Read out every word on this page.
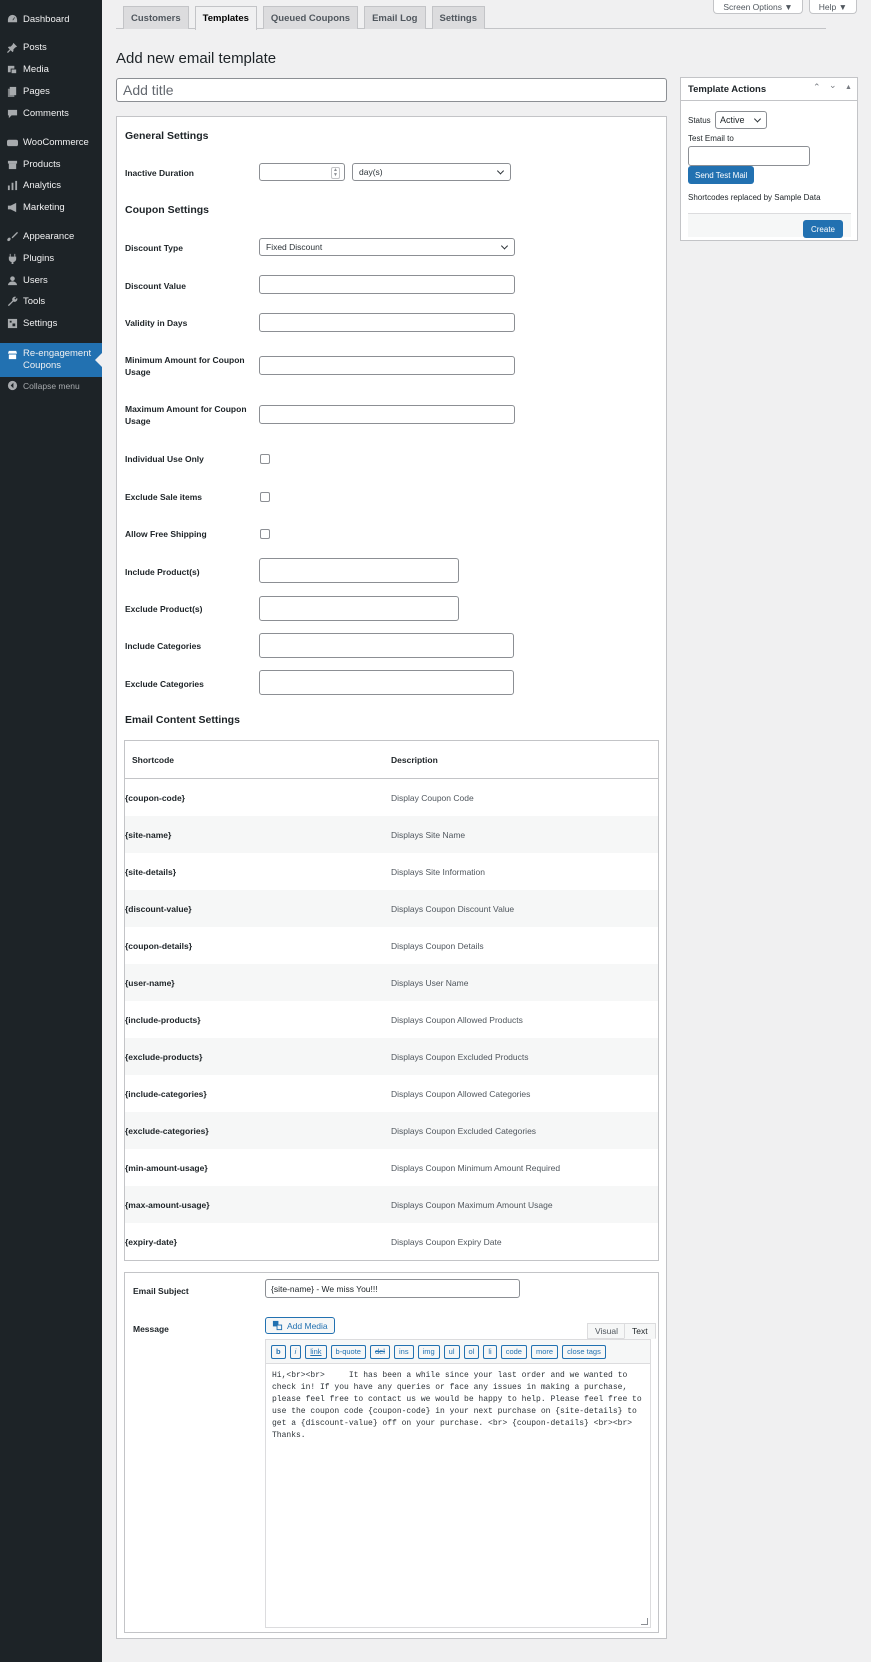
Dashboard
Posts
Media
Pages
Comments
WooCommerce
Products
Analytics
Marketing
Appearance
Plugins
Users
Tools
Settings
Re-engagement Coupons
Collapse menu
Screen Options ▼	Help ▼
Customers	Templates	Queued Coupons	Email Log	Settings
Add new email template
Add title
General Settings
Inactive Duration	▲
▼ day(s)
Coupon Settings
Discount Type	Fixed Discount
Discount Value
Validity in Days
Minimum Amount for Coupon Usage
Maximum Amount for Coupon Usage
Individual Use Only
Exclude Sale items
Allow Free Shipping
Include Product(s)
Exclude Product(s)
Include Categories
Exclude Categories
Email Content Settings
Shortcode	Description
{coupon-code}	Display Coupon Code
{site-name}	Displays Site Name
{site-details}	Displays Site Information
{discount-value}	Displays Coupon Discount Value
{coupon-details}	Displays Coupon Details
{user-name}	Displays User Name
{include-products}	Displays Coupon Allowed Products
{exclude-products}	Displays Coupon Excluded Products
{include-categories}	Displays Coupon Allowed Categories
{exclude-categories}	Displays Coupon Excluded Categories
{min-amount-usage}	Displays Coupon Minimum Amount Required
{max-amount-usage}	Displays Coupon Maximum Amount Usage
{expiry-date}	Displays Coupon Expiry Date
Email Subject	{site-name} - We miss You!!!
Message	Add Media
Visual	Text
b	i	link	b-quote	del	ins	img	ul	ol	li	code	more	close tags
Hi,<br><br>     It has been a while since your last order and we wanted to check in! If you have any queries or face any issues in making a purchase, please feel free to contact us we would be happy to help. Please feel free to use the coupon code {coupon-code} in your next purchase on {site-details} to get a {discount-value} off on your purchase. <br> {coupon-details} <br><br> Thanks.
Template Actions	⌃ ⌄ ▲
Status Active
Test Email to
Send Test Mail
Shortcodes replaced by Sample Data
Create
